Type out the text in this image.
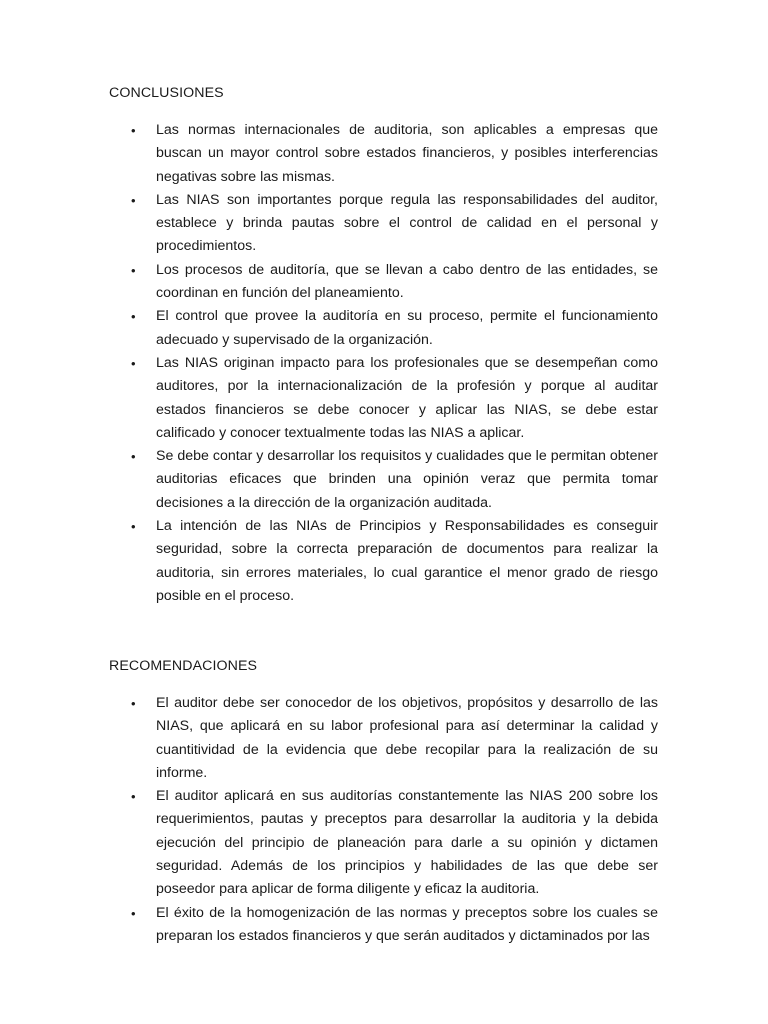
CONCLUSIONES
•	Las normas internacionales de auditoria, son aplicables a empresas que buscan un mayor control sobre estados financieros, y posibles interferencias negativas sobre las mismas.
•	Las NIAS son importantes porque regula las responsabilidades del auditor, establece y brinda pautas sobre el control de calidad en el personal y procedimientos.
•	Los procesos de auditoría, que se llevan a cabo dentro de las entidades, se coordinan en función del planeamiento.
•	El control que provee la auditoría en su proceso, permite el funcionamiento adecuado y supervisado de la organización.
•	Las NIAS originan impacto para los profesionales que se desempeñan como auditores, por la internacionalización de la profesión y porque al auditar estados financieros se debe conocer y aplicar las NIAS, se debe estar calificado y conocer textualmente todas las NIAS a aplicar.
•	Se debe contar y desarrollar los requisitos y cualidades que le permitan obtener auditorias eficaces que brinden una opinión veraz que permita tomar decisiones a la dirección de la organización auditada.
•	La intención de las NIAs de Principios y Responsabilidades es conseguir seguridad, sobre la correcta preparación de documentos para realizar la auditoria, sin errores materiales, lo cual garantice el menor grado de riesgo posible en el proceso.
RECOMENDACIONES
•	El auditor debe ser conocedor de los objetivos, propósitos y desarrollo de las NIAS, que aplicará en su labor profesional para así determinar la calidad y cuantitividad de la evidencia que debe recopilar para la realización de su informe.
•	El auditor aplicará en sus auditorías constantemente las NIAS 200 sobre los requerimientos, pautas y preceptos para desarrollar la auditoria y la debida ejecución del principio de planeación para darle a su opinión y dictamen seguridad. Además de los principios y habilidades de las que debe ser poseedor para aplicar de forma diligente y eficaz la auditoria.
•	El éxito de la homogenización de las normas y preceptos sobre los cuales se preparan los estados financieros y que serán auditados y dictaminados por las
